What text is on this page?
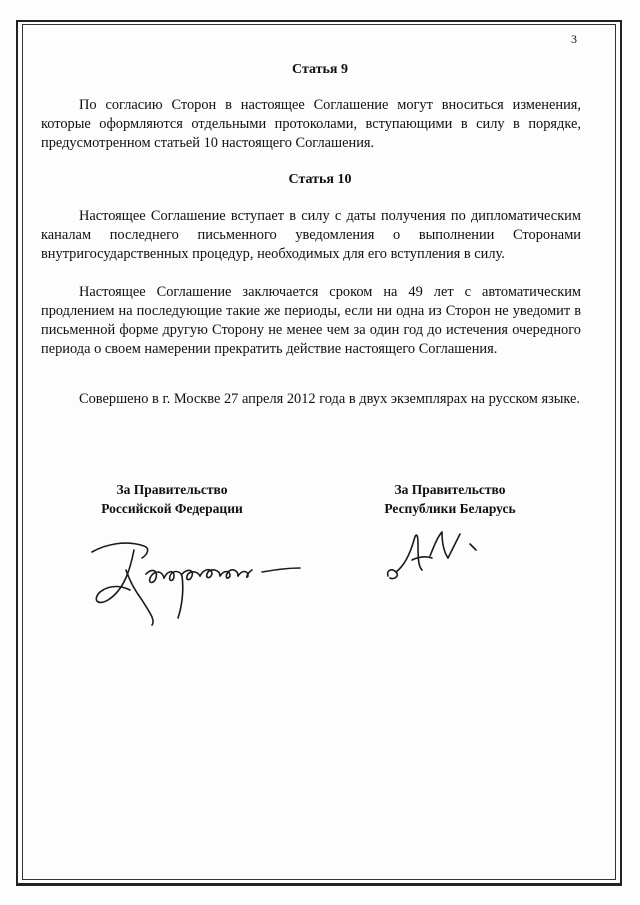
3
Статья 9

По согласию Сторон в настоящее Соглашение могут вноситься изменения, которые оформляются отдельными протоколами, вступающими в силу в порядке, предусмотренном статьей 10 настоящего Соглашения.

Статья 10

Настоящее Соглашение вступает в силу с даты получения по дипломатическим каналам последнего письменного уведомления о выполнении Сторонами внутригосударственных процедур, необходимых для его вступления в силу.

Настоящее Соглашение заключается сроком на 49 лет с автоматическим продлением на последующие такие же периоды, если ни одна из Сторон не уведомит в письменной форме другую Сторону не менее чем за один год до истечения очередного периода о своем намерении прекратить действие настоящего Соглашения.

Совершено в г. Москве 27 апреля 2012 года в двух экземплярах на русском языке.

За Правительство
Российской Федерации
За Правительство
Республики Беларусь
